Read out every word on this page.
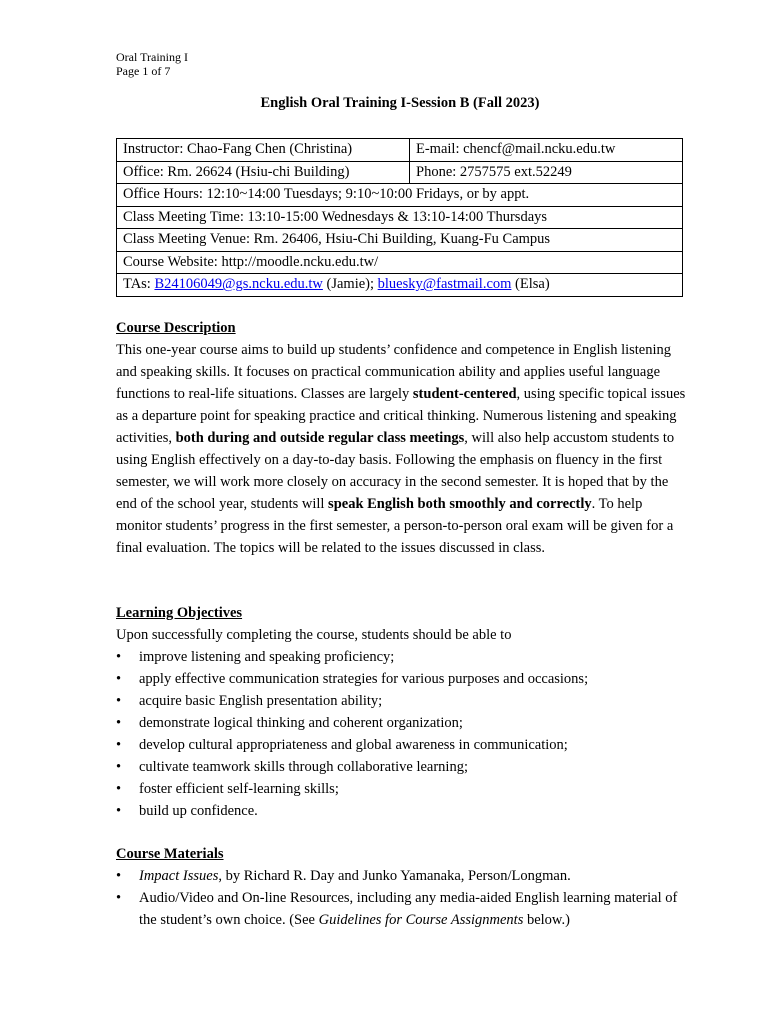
Oral Training I
Page 1 of 7
English Oral Training I-Session B (Fall 2023)
Instructor: Chao-Fang Chen (Christina)	E-mail: chencf@mail.ncku.edu.tw
Office: Rm. 26624 (Hsiu-chi Building)	Phone: 2757575 ext.52249
Office Hours: 12:10~14:00 Tuesdays; 9:10~10:00 Fridays, or by appt.	
Class Meeting Time: 13:10-15:00 Wednesdays & 13:10-14:00 Thursdays	
Class Meeting Venue: Rm. 26406, Hsiu-Chi Building, Kuang-Fu Campus	
Course Website: http://moodle.ncku.edu.tw/	
TAs: B24106049@gs.ncku.edu.tw (Jamie); bluesky@fastmail.com (Elsa)	
Course Description
This one-year course aims to build up students’ confidence and competence in English listening and speaking skills. It focuses on practical communication ability and applies useful language functions to real-life situations. Classes are largely student-centered, using specific topical issues as a departure point for speaking practice and critical thinking. Numerous listening and speaking activities, both during and outside regular class meetings, will also help accustom students to using English effectively on a day-to-day basis. Following the emphasis on fluency in the first semester, we will work more closely on accuracy in the second semester. It is hoped that by the end of the school year, students will speak English both smoothly and correctly. To help monitor students’ progress in the first semester, a person-to-person oral exam will be given for a final evaluation. The topics will be related to the issues discussed in class.
Learning Objectives
Upon successfully completing the course, students should be able to
• improve listening and speaking proficiency;
• apply effective communication strategies for various purposes and occasions;
• acquire basic English presentation ability;
• demonstrate logical thinking and coherent organization;
• develop cultural appropriateness and global awareness in communication;
• cultivate teamwork skills through collaborative learning;
• foster efficient self-learning skills;
• build up confidence.
Course Materials
• Impact Issues, by Richard R. Day and Junko Yamanaka, Person/Longman.
• Audio/Video and On-line Resources, including any media-aided English learning material of the student’s own choice. (See Guidelines for Course Assignments below.)
